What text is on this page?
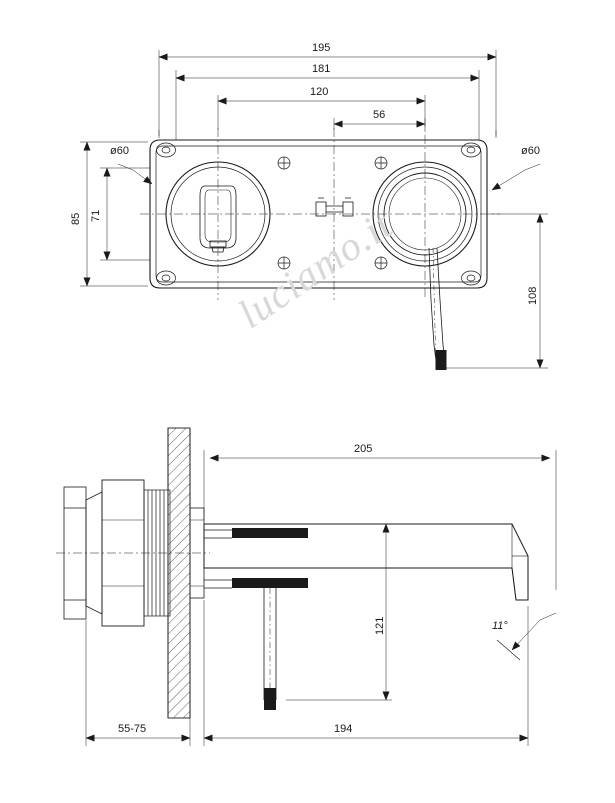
195
181
120
56
85 71
108
ø60	ø60
205
194
55-75
121	11°
luciamo.it
